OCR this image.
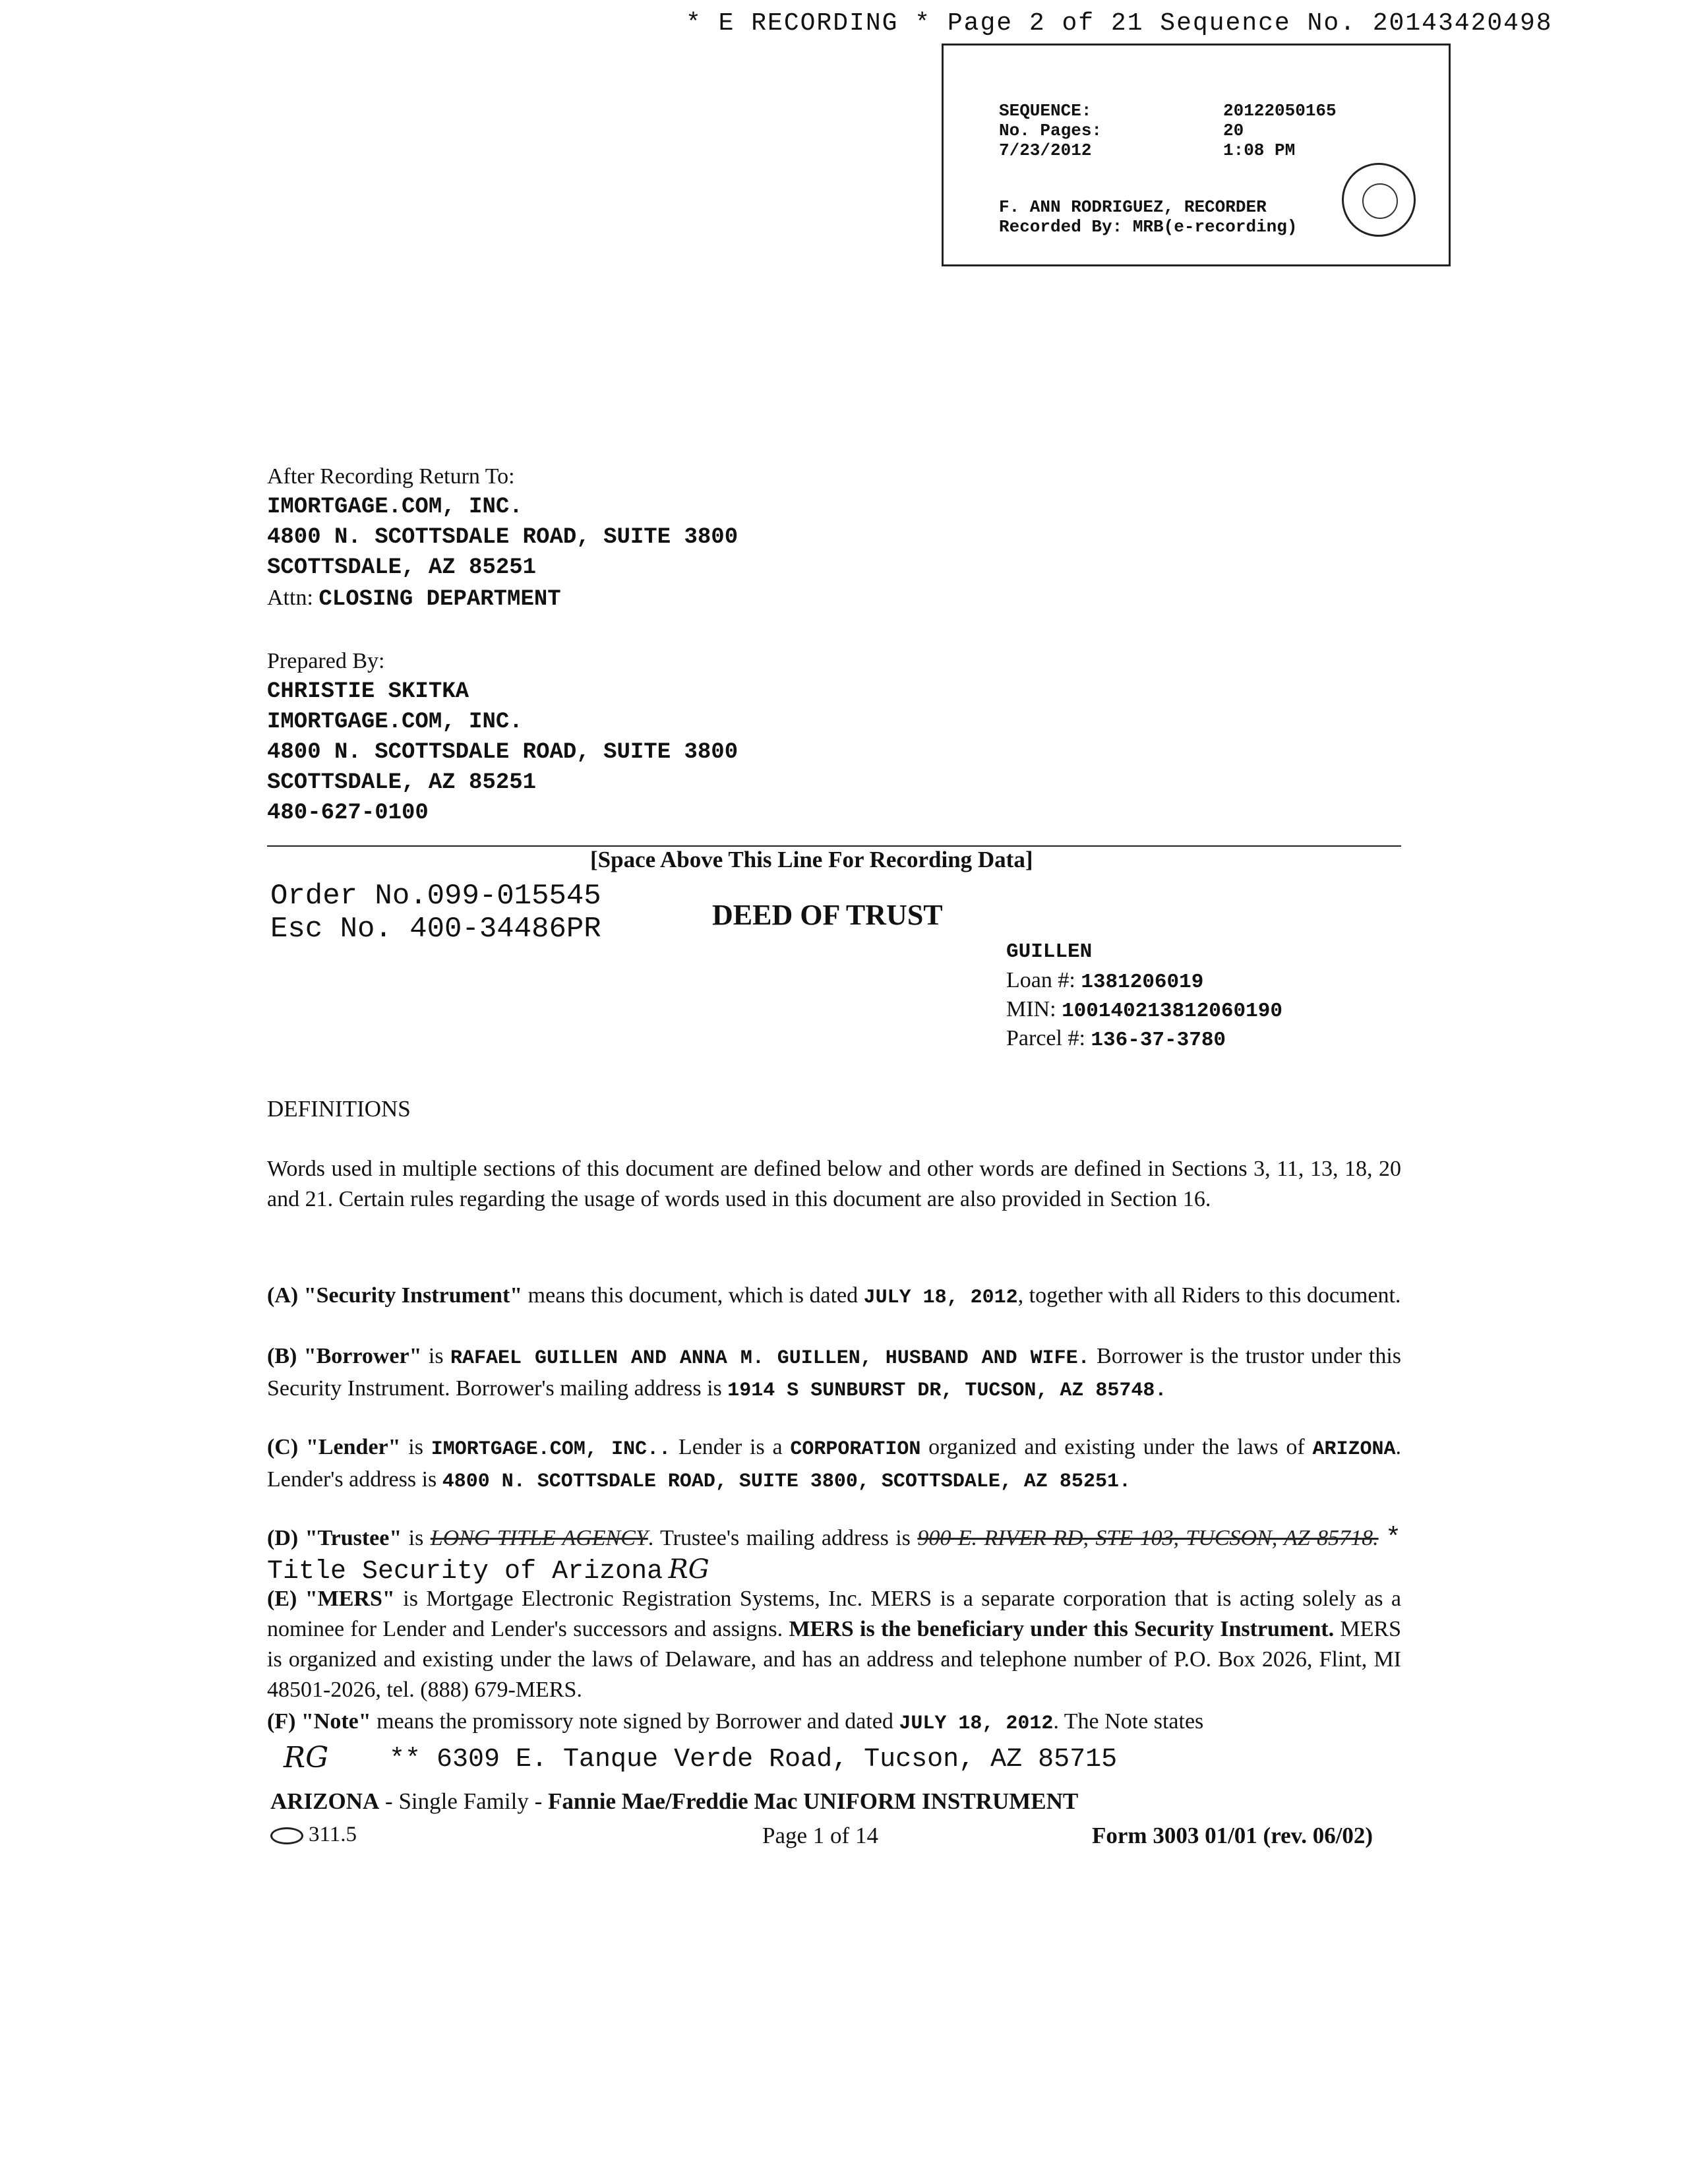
* E RECORDING * Page 2 of 21 Sequence No. 20143420498
SEQUENCE:	20122050165
No. Pages:	20
7/23/2012	1:08 PM
F. ANN RODRIGUEZ, RECORDER
Recorded By: MRB(e-recording)
After Recording Return To:
IMORTGAGE.COM, INC.
4800 N. SCOTTSDALE ROAD, SUITE 3800
SCOTTSDALE, AZ 85251
Attn: CLOSING DEPARTMENT
Prepared By:
CHRISTIE SKITKA
IMORTGAGE.COM, INC.
4800 N. SCOTTSDALE ROAD, SUITE 3800
SCOTTSDALE, AZ 85251
480-627-0100
[Space Above This Line For Recording Data]
Order No.099-015545
Esc No. 400-34486PR	DEED OF TRUST
GUILLEN
Loan #: 1381206019
MIN: 100140213812060190
Parcel #: 136-37-3780
DEFINITIONS
Words used in multiple sections of this document are defined below and other words are defined in Sections 3, 11, 13, 18, 20 and 21. Certain rules regarding the usage of words used in this document are also provided in Section 16.
(A) "Security Instrument" means this document, which is dated JULY 18, 2012, together with all Riders to this document.
(B) "Borrower" is RAFAEL GUILLEN AND ANNA M. GUILLEN, HUSBAND AND WIFE. Borrower is the trustor under this Security Instrument. Borrower's mailing address is 1914 S SUNBURST DR, TUCSON, AZ 85748.
(C) "Lender" is IMORTGAGE.COM, INC.. Lender is a CORPORATION organized and existing under the laws of ARIZONA. Lender's address is 4800 N. SCOTTSDALE ROAD, SUITE 3800, SCOTTSDALE, AZ 85251.
(D) "Trustee" is LONG TITLE AGENCY. Trustee's mailing address is 900 E. RIVER RD, STE 103, TUCSON, AZ 85718. * Title Security of Arizona RG
(E) "MERS" is Mortgage Electronic Registration Systems, Inc. MERS is a separate corporation that is acting solely as a nominee for Lender and Lender's successors and assigns. MERS is the beneficiary under this Security Instrument. MERS is organized and existing under the laws of Delaware, and has an address and telephone number of P.O. Box 2026, Flint, MI 48501-2026, tel. (888) 679-MERS.
(F) "Note" means the promissory note signed by Borrower and dated JULY 18, 2012. The Note states
RG ** 6309 E. Tanque Verde Road, Tucson, AZ 85715
ARIZONA - Single Family - Fannie Mae/Freddie Mac UNIFORM INSTRUMENT
311.5	Page 1 of 14	Form 3003 01/01 (rev. 06/02)
